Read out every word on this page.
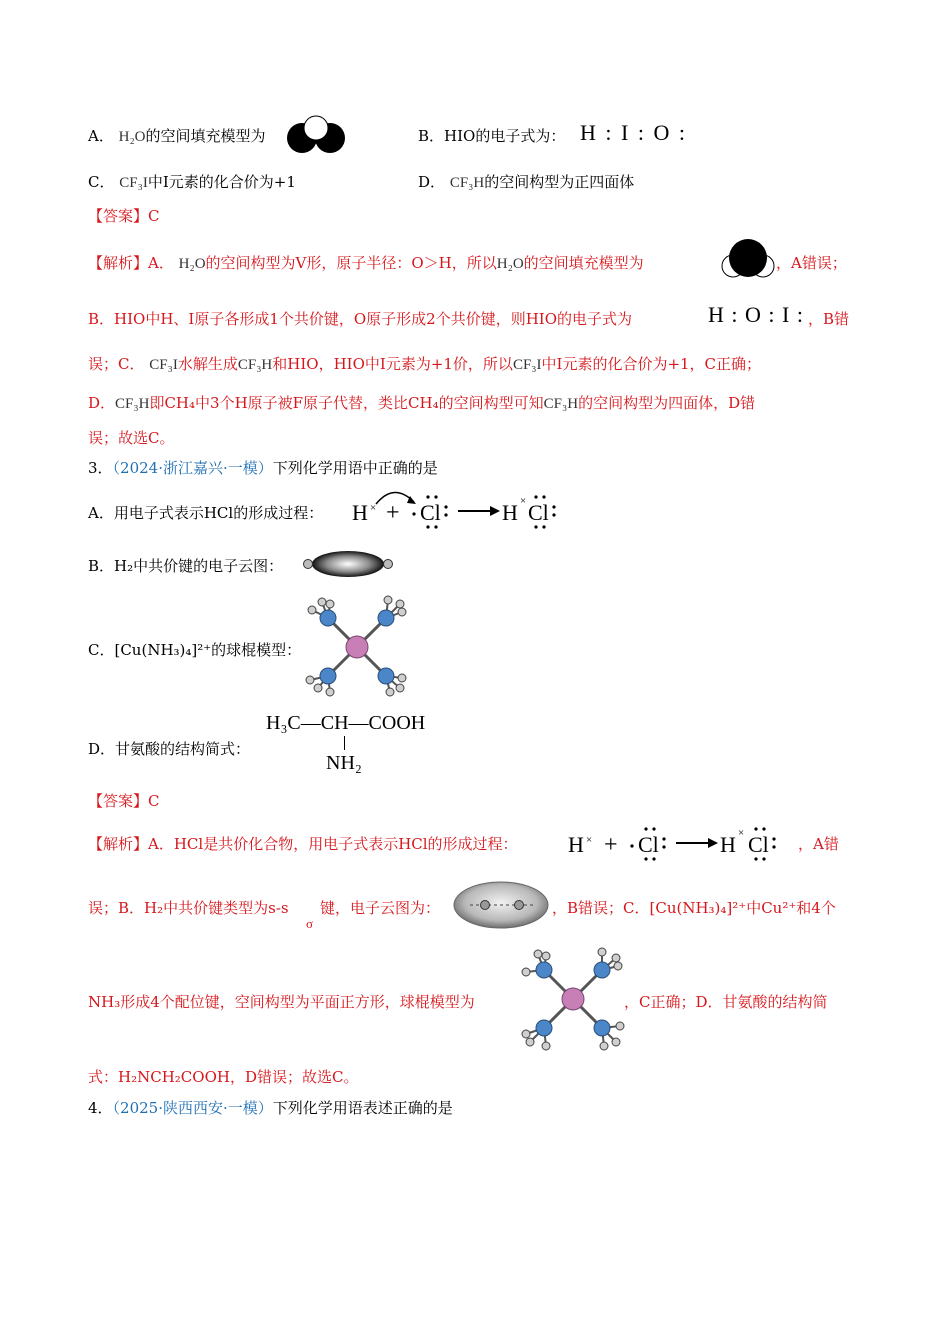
A． H₂O的空间填充模型为	B．HIO的电子式为： H : I : O :
C． CF₃I中I元素的化合价为+1	D． CF₃H的空间构型为正四面体
【答案】C
【解析】A． H₂O的空间构型为V形，原子半径：O＞H，所以H₂O的空间填充模型为	，A错误；
B．HIO中H、I原子各形成1个共价键，O原子形成2个共价键，则HIO的电子式为	H : O : I : ，B错
误；C． CF₃I水解生成CF₃H和HIO，HIO中I元素为+1价，所以CF₃I中I元素的化合价为+1，C正确；
D．CF₃H即CH₄中3个H原子被F原子代替，类比CH₄的空间构型可知CF₃H的空间构型为四面体，D错
误；故选C。
3．（2024·浙江嘉兴·一模）下列化学用语中正确的是
A．用电子式表示HCl的形成过程： H × + Cl	H × Cl
B．H₂中共价键的电子云图：
C．[Cu(NH₃)₄]²⁺的球棍模型：
D．甘氨酸的结构简式：
H₃C—CH—COOH
NH₂
【答案】C
【解析】A．HCl是共价化合物，用电子式表示HCl的形成过程： H × + Cl	H × Cl ，A错
误；B．H₂中共价键类型为s-s
σ
键，电子云图为：	，B错误；C．[Cu(NH₃)₄]²⁺中Cu²⁺和4个
NH₃形成4个配位键，空间构型为平面正方形，球棍模型为	，C正确；D．甘氨酸的结构简
式：H₂NCH₂COOH，D错误；故选C。
4．（2025·陕西西安·一模）下列化学用语表述正确的是
